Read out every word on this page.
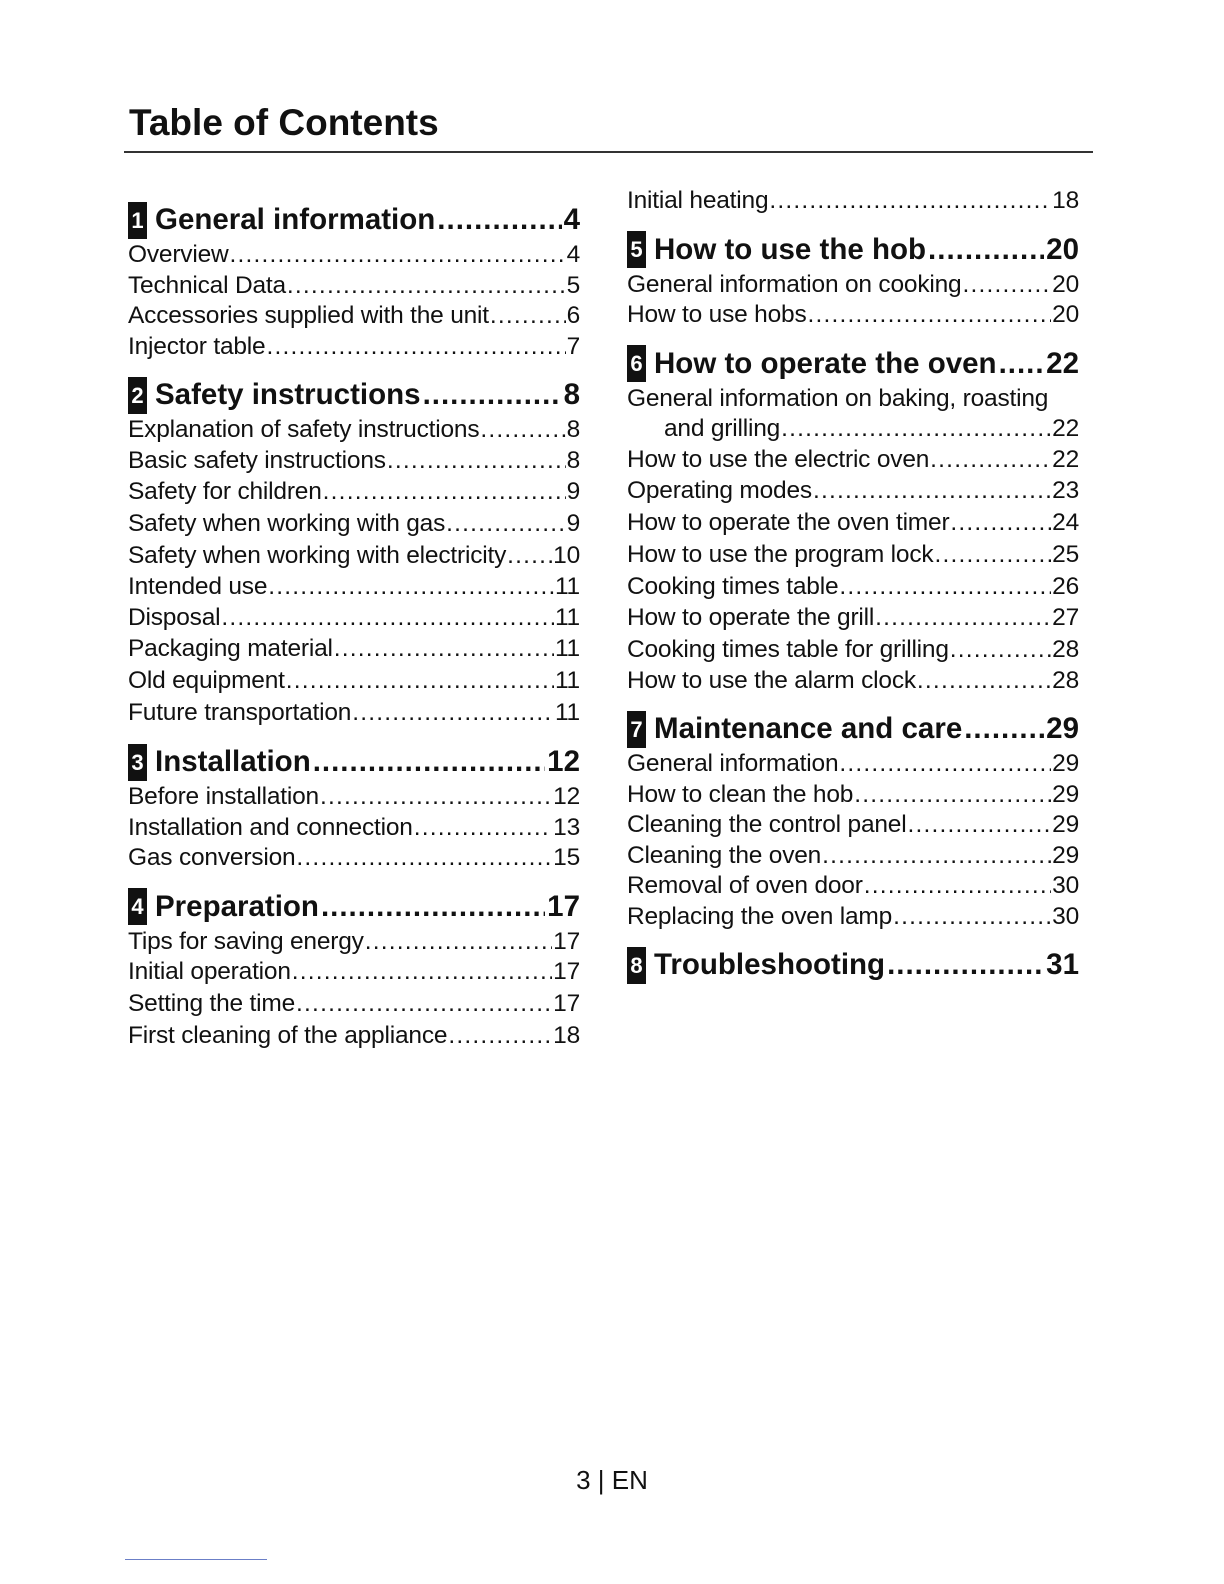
Table of Contents
1 General information .....	4
Overview .....	4
Technical Data .....	5
Accessories supplied with the unit .....	6
Injector table .....	7
2 Safety instructions .....	8
Explanation of safety instructions .....	8
Basic safety instructions .....	8
Safety for children .....	9
Safety when working with gas .....	9
Safety when working with electricity ..... 10
Intended use .....	11
Disposal .....	11
Packaging material .....	11
Old equipment .....	11
Future transportation .....	11
3 Installation .....	12
Before installation .....	12
Installation and connection .....	13
Gas conversion .....	15
4 Preparation .....	17
Tips for saving energy .....	17
Initial operation .....	17
Setting the time .....	17
First cleaning of the appliance .....	18
Initial heating .....	18
5 How to use the hob .....	20
General information on cooking .....	20
How to use hobs .....	20
6 How to operate the oven ..... 22
General information on baking, roasting
and grilling .....	22
How to use the electric oven .....	22
Operating modes .....	23
How to operate the oven timer .....	24
How to use the program lock .....	25
Cooking times table .....	26
How to operate the grill .....	27
Cooking times table for grilling .....	28
How to use the alarm clock .....	28
7 Maintenance and care .....	29
General information .....	29
How to clean the hob .....	29
Cleaning the control panel .....	29
Cleaning the oven .....	29
Removal of oven door .....	30
Replacing the oven lamp .....	30
8 Troubleshooting .....	31
3 | EN
